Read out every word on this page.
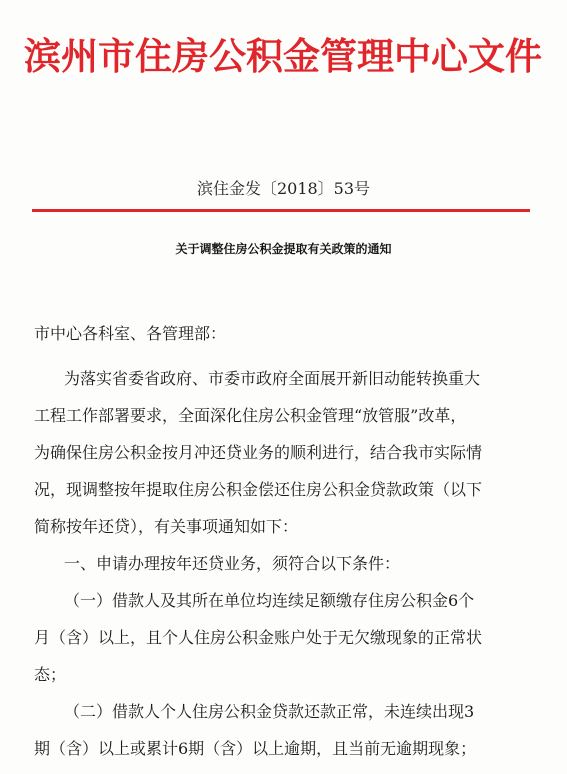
滨州市住房公积金管理中心文件
滨住金发〔2018〕53号
关于调整住房公积金提取有关政策的通知
市中心各科室、各管理部：
为落实省委省政府、市委市政府全面展开新旧动能转换重大
工程工作部署要求，全面深化住房公积金管理“放管服”改革，
为确保住房公积金按月冲还贷业务的顺利进行，结合我市实际情
况，现调整按年提取住房公积金偿还住房公积金贷款政策（以下
简称按年还贷），有关事项通知如下：
一、申请办理按年还贷业务，须符合以下条件：
（一）借款人及其所在单位均连续足额缴存住房公积金6个
月（含）以上，且个人住房公积金账户处于无欠缴现象的正常状
态；
（二）借款人个人住房公积金贷款还款正常，未连续出现3
期（含）以上或累计6期（含）以上逾期，且当前无逾期现象；
